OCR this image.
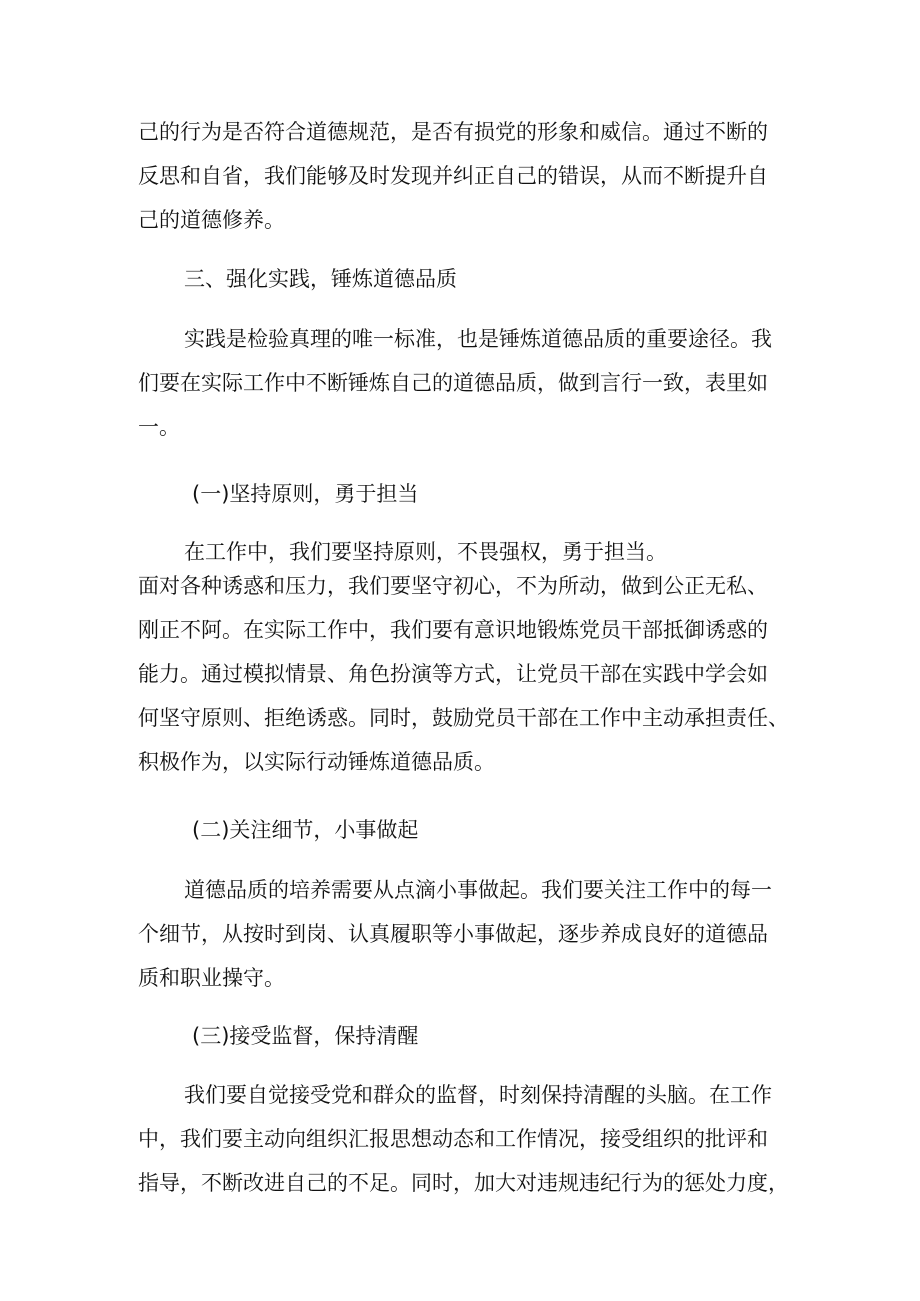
己的行为是否符合道德规范，是否有损党的形象和威信。通过不断的
反思和自省，我们能够及时发现并纠正自己的错误，从而不断提升自
己的道德修养。

三、强化实践，锤炼道德品质

实践是检验真理的唯一标准，也是锤炼道德品质的重要途径。我
们要在实际工作中不断锤炼自己的道德品质，做到言行一致，表里如
一。

(一)坚持原则，勇于担当

在工作中，我们要坚持原则，不畏强权，勇于担当。
面对各种诱惑和压力，我们要坚守初心，不为所动，做到公正无私、
刚正不阿。在实际工作中，我们要有意识地锻炼党员干部抵御诱惑的
能力。通过模拟情景、角色扮演等方式，让党员干部在实践中学会如
何坚守原则、拒绝诱惑。同时，鼓励党员干部在工作中主动承担责任、
积极作为，以实际行动锤炼道德品质。

(二)关注细节，小事做起

道德品质的培养需要从点滴小事做起。我们要关注工作中的每一
个细节，从按时到岗、认真履职等小事做起，逐步养成良好的道德品
质和职业操守。

(三)接受监督，保持清醒

我们要自觉接受党和群众的监督，时刻保持清醒的头脑。在工作
中，我们要主动向组织汇报思想动态和工作情况，接受组织的批评和
指导，不断改进自己的不足。同时，加大对违规违纪行为的惩处力度，
